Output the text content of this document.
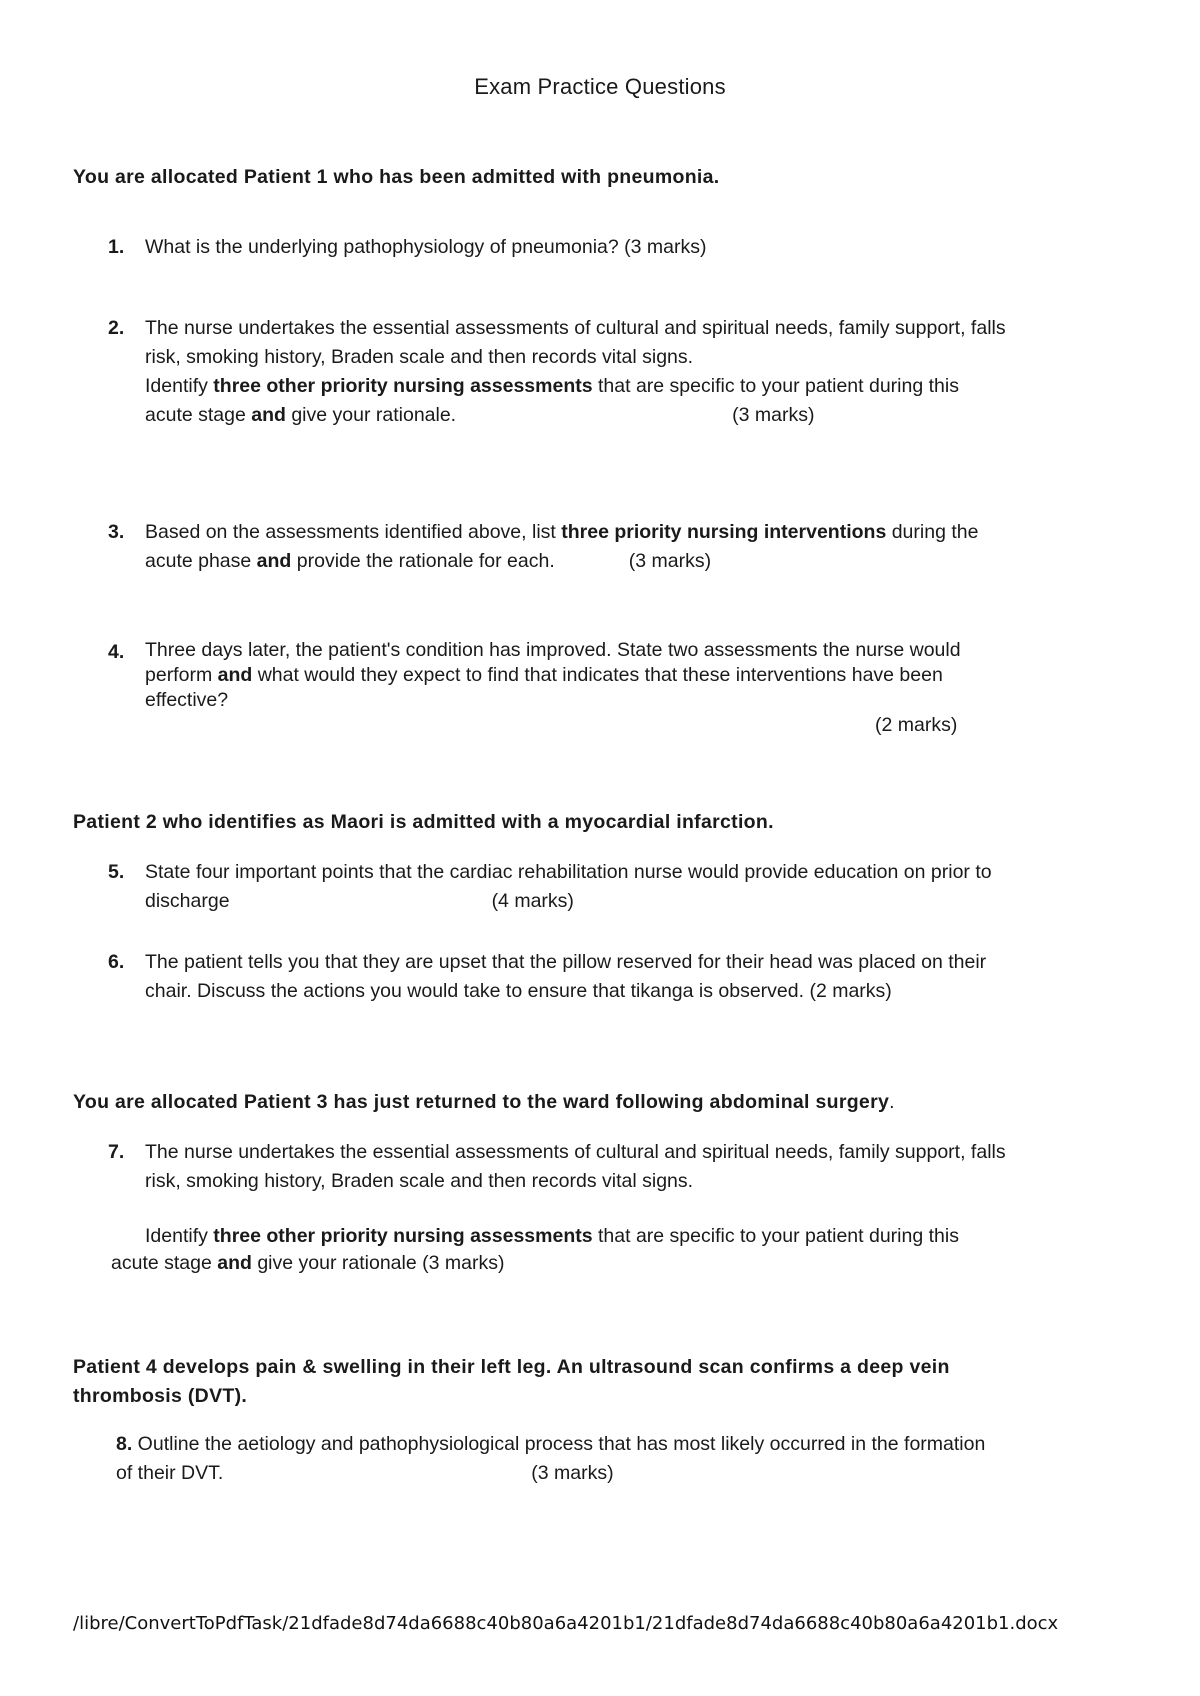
Exam Practice Questions
You are allocated Patient 1 who has been admitted with pneumonia.
1. What is the underlying pathophysiology of pneumonia? (3 marks)
2. The nurse undertakes the essential assessments of cultural and spiritual needs, family support, falls
risk, smoking history, Braden scale and then records vital signs.
Identify three other priority nursing assessments that are specific to your patient during this
acute stage and give your rationale.	(3 marks)
3. Based on the assessments identified above, list three priority nursing interventions during the
acute phase and provide the rationale for each.	(3 marks)
4. Three days later, the patient's condition has improved. State two assessments the nurse would
perform and what would they expect to find that indicates that these interventions have been
effective?
(2 marks)
Patient 2 who identifies as Maori is admitted with a myocardial infarction.
5. State four important points that the cardiac rehabilitation nurse would provide education on prior to
discharge	(4 marks)
6. The patient tells you that they are upset that the pillow reserved for their head was placed on their
chair. Discuss the actions you would take to ensure that tikanga is observed. (2 marks)
You are allocated Patient 3 has just returned to the ward following abdominal surgery.
7. The nurse undertakes the essential assessments of cultural and spiritual needs, family support, falls
risk, smoking history, Braden scale and then records vital signs.
Identify three other priority nursing assessments that are specific to your patient during this
acute stage and give your rationale (3 marks)
Patient 4 develops pain & swelling in their left leg. An ultrasound scan confirms a deep vein
thrombosis (DVT).
8. Outline the aetiology and pathophysiological process that has most likely occurred in the formation
of their DVT.	(3 marks)
/libre/ConvertToPdfTask/21dfade8d74da6688c40b80a6a4201b1/21dfade8d74da6688c40b80a6a4201b1.docx
